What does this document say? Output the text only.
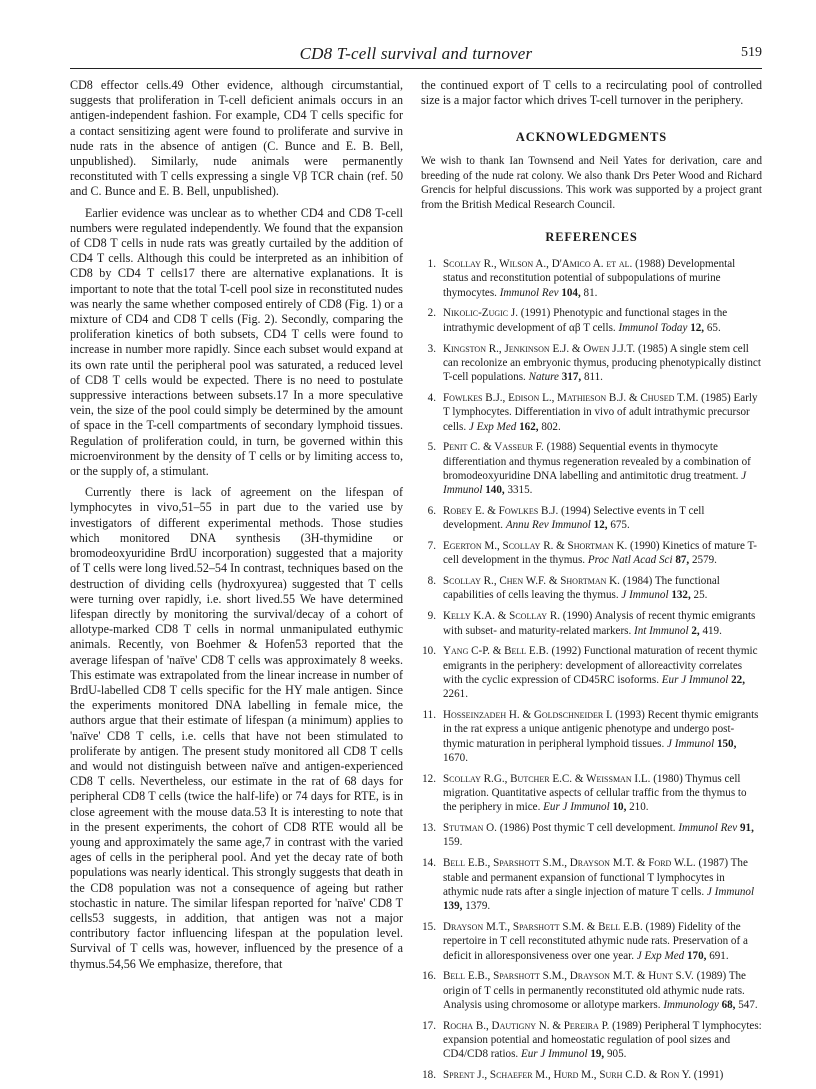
CD8 T-cell survival and turnover	519

CD8 effector cells.49 Other evidence, although circumstantial, suggests that proliferation in T-cell deficient animals occurs in an antigen-independent fashion. For example, CD4 T cells specific for a contact sensitizing agent were found to proliferate and survive in nude rats in the absence of antigen (C. Bunce and E. B. Bell, unpublished). Similarly, nude animals were permanently reconstituted with T cells expressing a single Vβ TCR chain (ref. 50 and C. Bunce and E. B. Bell, unpublished).

Earlier evidence was unclear as to whether CD4 and CD8 T-cell numbers were regulated independently. We found that the expansion of CD8 T cells in nude rats was greatly curtailed by the addition of CD4 T cells. Although this could be interpreted as an inhibition of CD8 by CD4 T cells17 there are alternative explanations. It is important to note that the total T-cell pool size in reconstituted nudes was nearly the same whether composed entirely of CD8 (Fig. 1) or a mixture of CD4 and CD8 T cells (Fig. 2). Secondly, comparing the proliferation kinetics of both subsets, CD4 T cells were found to increase in number more rapidly. Since each subset would expand at its own rate until the peripheral pool was saturated, a reduced level of CD8 T cells would be expected. There is no need to postulate suppressive interactions between subsets.17 In a more speculative vein, the size of the pool could simply be determined by the amount of space in the T-cell compartments of secondary lymphoid tissues. Regulation of proliferation could, in turn, be governed within this microenvironment by the density of T cells or by limiting access to, or the supply of, a stimulant.

Currently there is lack of agreement on the lifespan of lymphocytes in vivo,51–55 in part due to the varied use by investigators of different experimental methods. Those studies which monitored DNA synthesis (3H-thymidine or bromodeoxyuridine BrdU incorporation) suggested that a majority of T cells were long lived.52–54 In contrast, techniques based on the destruction of dividing cells (hydroxyurea) suggested that T cells were turning over rapidly, i.e. short lived.55 We have determined lifespan directly by monitoring the survival/decay of a cohort of allotype-marked CD8 T cells in normal unmanipulated euthymic animals. Recently, von Boehmer & Hofen53 reported that the average lifespan of 'naïve' CD8 T cells was approximately 8 weeks. This estimate was extrapolated from the linear increase in number of BrdU-labelled CD8 T cells specific for the HY male antigen. Since the experiments monitored DNA labelling in female mice, the authors argue that their estimate of lifespan (a minimum) applies to 'naïve' CD8 T cells, i.e. cells that have not been stimulated to proliferate by antigen. The present study monitored all CD8 T cells and would not distinguish between naïve and antigen-experienced CD8 T cells. Nevertheless, our estimate in the rat of 68 days for peripheral CD8 T cells (twice the half-life) or 74 days for RTE, is in close agreement with the mouse data.53 It is interesting to note that in the present experiments, the cohort of CD8 RTE would all be young and approximately the same age,7 in contrast with the varied ages of cells in the peripheral pool. And yet the decay rate of both populations was nearly identical. This strongly suggests that death in the CD8 population was not a consequence of ageing but rather stochastic in nature. The similar lifespan reported for 'naïve' CD8 T cells53 suggests, in addition, that antigen was not a major contributory factor influencing lifespan at the population level. Survival of T cells was, however, influenced by the presence of a thymus.54,56 We emphasize, therefore, that

the continued export of T cells to a recirculating pool of controlled size is a major factor which drives T-cell turnover in the periphery.

ACKNOWLEDGMENTS

We wish to thank Ian Townsend and Neil Yates for derivation, care and breeding of the nude rat colony. We also thank Drs Peter Wood and Richard Grencis for helpful discussions. This work was supported by a project grant from the British Medical Research Council.

REFERENCES
1. Scollay R., Wilson A., D'Amico A. et al. (1988) Developmental status and reconstitution potential of subpopulations of murine thymocytes. Immunol Rev 104, 81.
2. Nikolic-Zugic J. (1991) Phenotypic and functional stages in the intrathymic development of αβ T cells. Immunol Today 12, 65.
3. Kingston R., Jenkinson E.J. & Owen J.J.T. (1985) A single stem cell can recolonize an embryonic thymus, producing phenotypically distinct T-cell populations. Nature 317, 811.
4. Fowlkes B.J., Edison L., Mathieson B.J. & Chused T.M. (1985) Early T lymphocytes. Differentiation in vivo of adult intrathymic precursor cells. J Exp Med 162, 802.
5. Penit C. & Vasseur F. (1988) Sequential events in thymocyte differentiation and thymus regeneration revealed by a combination of bromodeoxyuridine DNA labelling and antimitotic drug treatment. J Immunol 140, 3315.
6. Robey E. & Fowlkes B.J. (1994) Selective events in T cell development. Annu Rev Immunol 12, 675.
7. Egerton M., Scollay R. & Shortman K. (1990) Kinetics of mature T-cell development in the thymus. Proc Natl Acad Sci 87, 2579.
8. Scollay R., Chen W.F. & Shortman K. (1984) The functional capabilities of cells leaving the thymus. J Immunol 132, 25.
9. Kelly K.A. & Scollay R. (1990) Analysis of recent thymic emigrants with subset- and maturity-related markers. Int Immunol 2, 419.
10. Yang C-P. & Bell E.B. (1992) Functional maturation of recent thymic emigrants in the periphery: development of alloreactivity correlates with the cyclic expression of CD45RC isoforms. Eur J Immunol 22, 2261.
11. Hosseinzadeh H. & Goldschneider I. (1993) Recent thymic emigrants in the rat express a unique antigenic phenotype and undergo post-thymic maturation in peripheral lymphoid tissues. J Immunol 150, 1670.
12. Scollay R.G., Butcher E.C. & Weissman I.L. (1980) Thymus cell migration. Quantitative aspects of cellular traffic from the thymus to the periphery in mice. Eur J Immunol 10, 210.
13. Stutman O. (1986) Post thymic T cell development. Immunol Rev 91, 159.
14. Bell E.B., Sparshott S.M., Drayson M.T. & Ford W.L. (1987) The stable and permanent expansion of functional T lymphocytes in athymic nude rats after a single injection of mature T cells. J Immunol 139, 1379.
15. Drayson M.T., Sparshott S.M. & Bell E.B. (1989) Fidelity of the repertoire in T cell reconstituted athymic nude rats. Preservation of a deficit in alloresponsiveness over one year. J Exp Med 170, 691.
16. Bell E.B., Sparshott S.M., Drayson M.T. & Hunt S.V. (1989) The origin of T cells in permanently reconstituted old athymic nude rats. Analysis using chromosome or allotype markers. Immunology 68, 547.
17. Rocha B., Dautigny N. & Pereira P. (1989) Peripheral T lymphocytes: expansion potential and homeostatic regulation of pool sizes and CD4/CD8 ratios. Eur J Immunol 19, 905.
18. Sprent J., Schaefer M., Hurd M., Surh C.D. & Ron Y. (1991)
